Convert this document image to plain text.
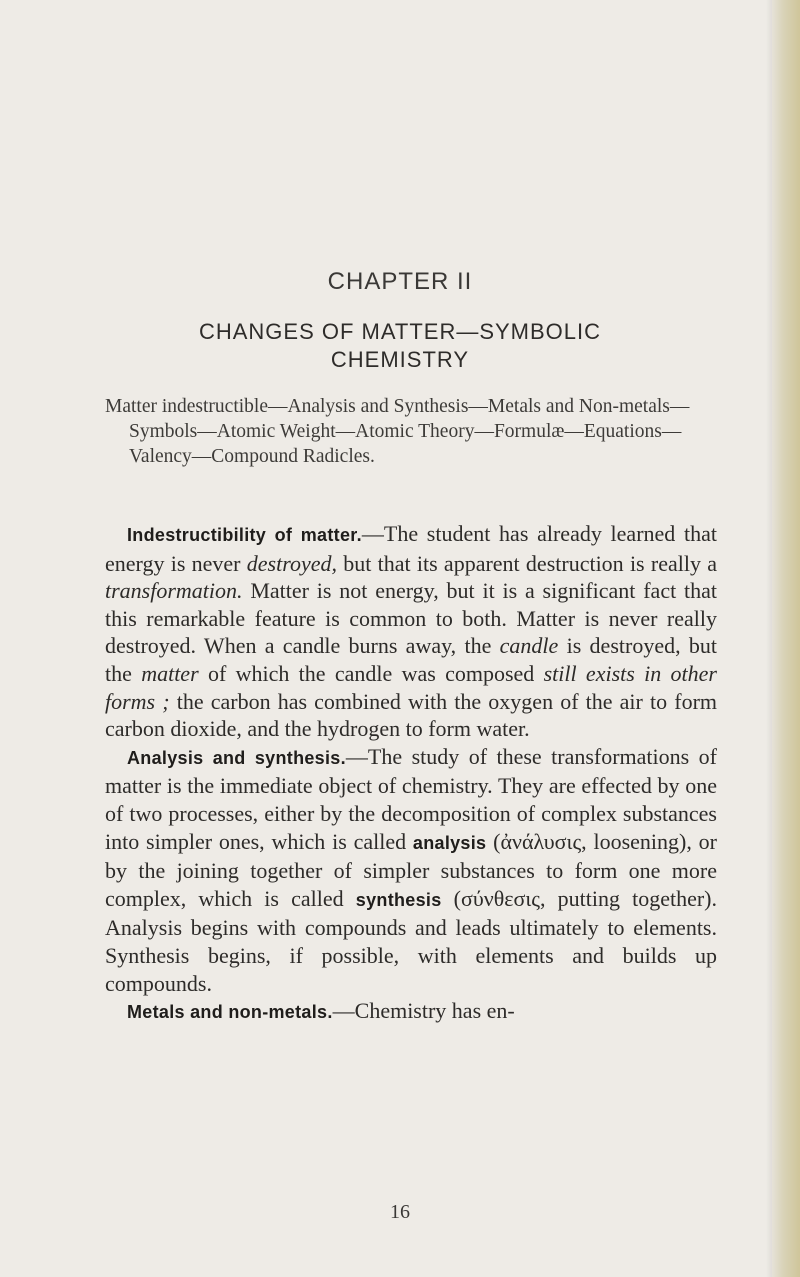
CHAPTER II
CHANGES OF MATTER—SYMBOLIC
CHEMISTRY

Matter indestructible—Analysis and Synthesis—Metals and Non-metals—Symbols—Atomic Weight—Atomic Theory—Formulæ—Equations—Valency—Compound Radicles.

Indestructibility of matter.—The student has already learned that energy is never destroyed, but that its apparent destruction is really a transformation. Matter is not energy, but it is a significant fact that this remarkable feature is common to both. Matter is never really destroyed. When a candle burns away, the candle is destroyed, but the matter of which the candle was composed still exists in other forms ; the carbon has combined with the oxygen of the air to form carbon dioxide, and the hydrogen to form water.

Analysis and synthesis.—The study of these transformations of matter is the immediate object of chemistry. They are effected by one of two processes, either by the decomposition of complex substances into simpler ones, which is called analysis (ἀνάλυσις, loosening), or by the joining together of simpler substances to form one more complex, which is called synthesis (σύνθεσις, putting together). Analysis begins with compounds and leads ultimately to elements. Synthesis begins, if possible, with elements and builds up compounds.

Metals and non-metals.—Chemistry has en-

16
